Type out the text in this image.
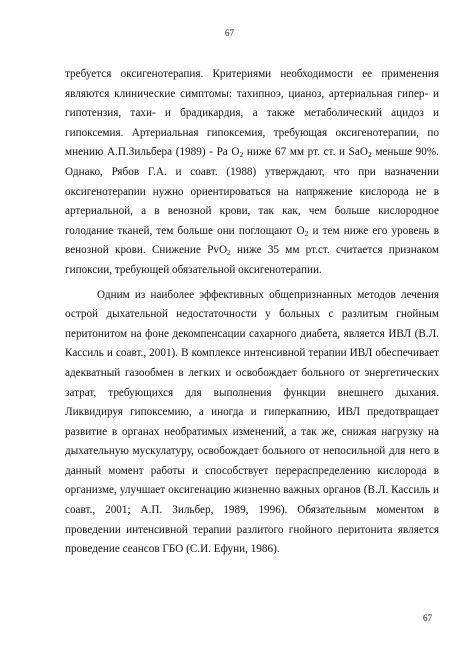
67

требуется оксигенотерапия. Критериями необходимости ее применения являются клинические симптомы: тахипноэ, цианоз, артериальная гипер- и гипотензия, тахи- и брадикардия, а также метаболический ацидоз и гипоксемия. Артериальная гипоксемия, требующая оксигенотерапии, по мнению А.П.Зильбера (1989) - Ра $O_2$ ниже 67 мм рт. ст. и SaO$_2$ меньше 90%. Однако, Рябов Г.А. и соавт. (1988) утверждают, что при назначении оксигенотерапии нужно ориентироваться на напряжение кислорода не в артериальной, а в венозной крови, так как, чем больше кислородное голодание тканей, тем больше они поглощают $O_2$ и тем ниже его уровень в венозной крови. Снижение PvO$_2$ ниже 35 мм рт.ст. считается признаком гипоксии, требующей обязательной оксигенотерапии.

Одним из наиболее эффективных общепризнанных методов лечения острой дыхательной недостаточности у больных с разлитым гнойным перитонитом на фоне декомпенсации сахарного диабета, является ИВЛ (В.Л. Кассиль и соавт., 2001). В комплексе интенсивной терапии ИВЛ обеспечивает адекватный газообмен в легких и освобождает больного от энергетических затрат, требующихся для выполнения функции внешнего дыхания. Ликвидируя гипоксемию, а иногда и гиперкапнию, ИВЛ предотвращает развитие в органах необратимых изменений, а так же, снижая нагрузку на дыхательную мускулатуру, освобождает больного от непосильной для него в данный момент работы и способствует перераспределению кислорода в организме, улучшает оксигенацию жизненно важных органов (В.Л. Кассиль и соавт., 2001; А.П. Зильбер, 1989, 1996). Обязательным моментом в проведении интенсивной терапии разлитого гнойного перитонита является проведение сеансов ГБО (С.И. Ефуни, 1986).

67
